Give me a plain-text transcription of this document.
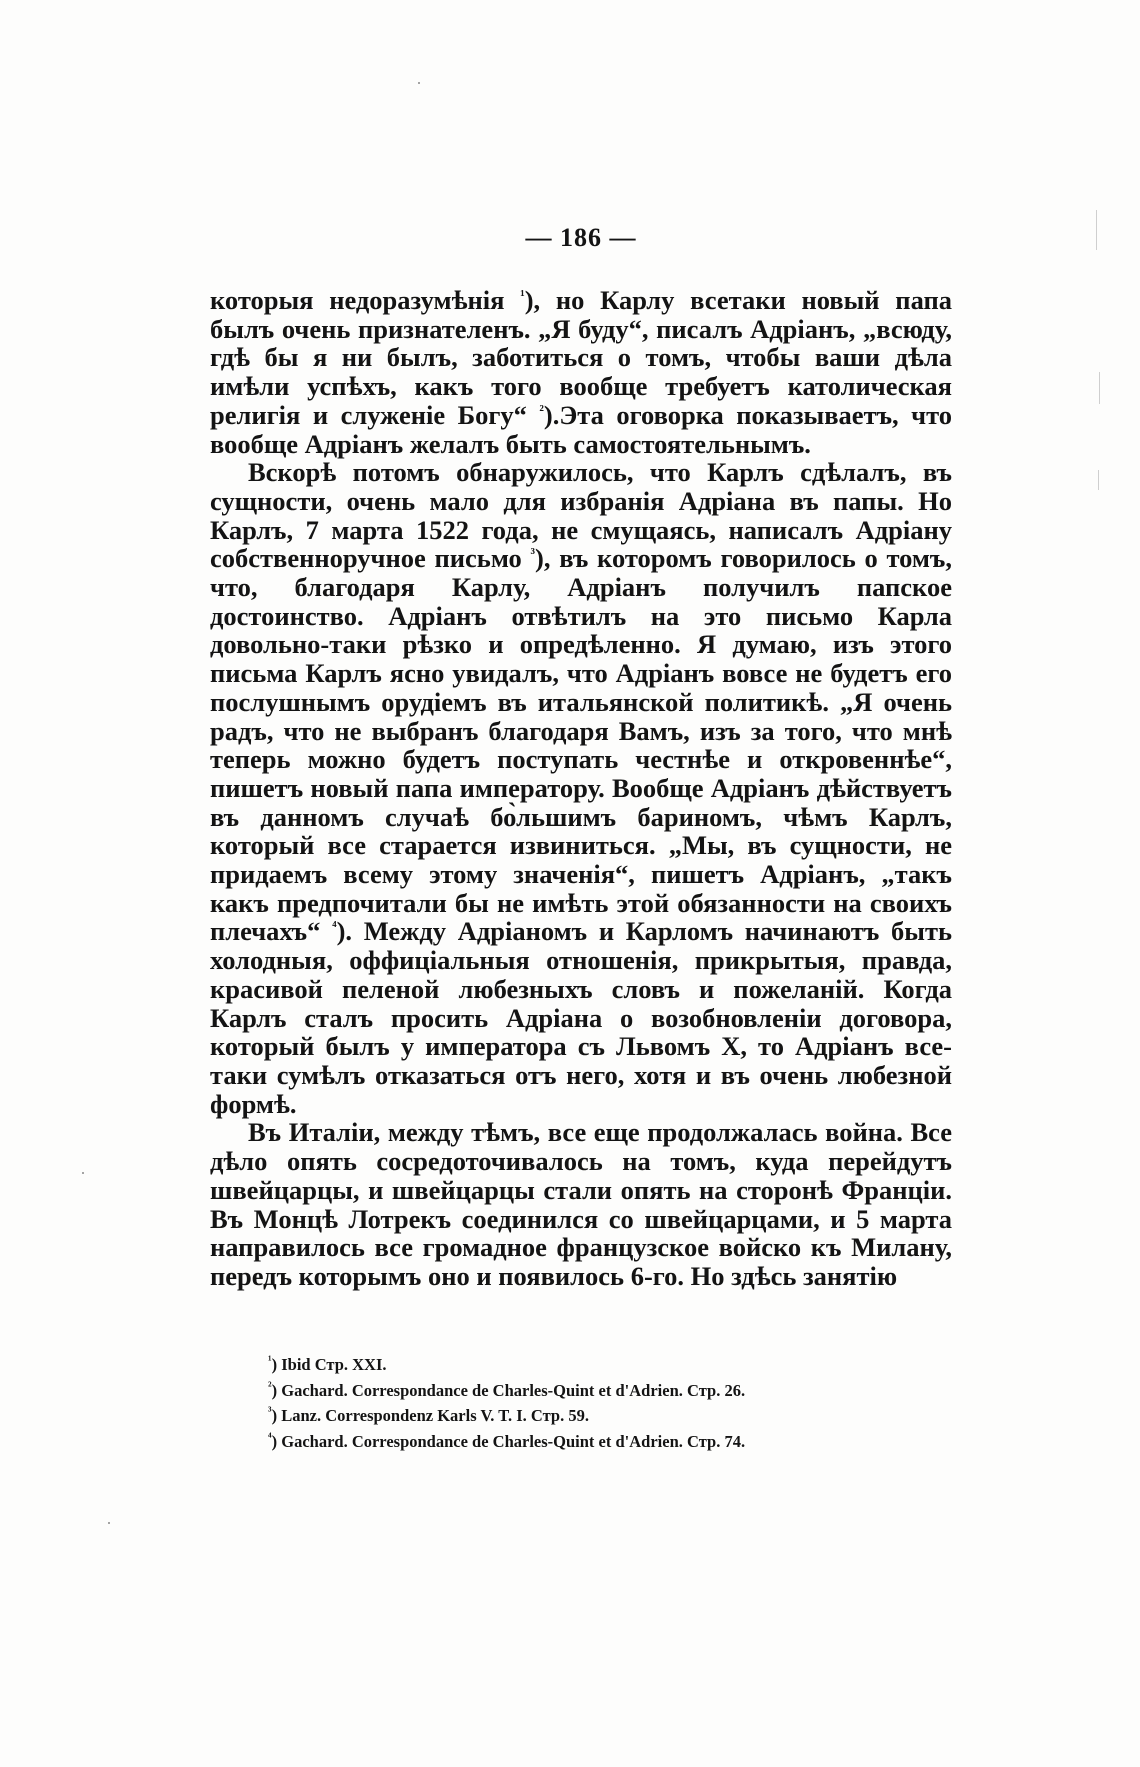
— 186 —

которыя недоразумѣнія $^{^1}$), но Карлу всетаки новый папа былъ очень признателенъ. „Я буду“, писалъ Адріанъ, „всюду, гдѣ бы я ни былъ, заботиться о томъ, чтобы ваши дѣла имѣли успѣхъ, какъ того вообще требуетъ католическая религія и служеніе Богу“ $^{^2}$).Эта оговорка показываетъ, что вообще Адріанъ желалъ быть самостоятельнымъ.

Вскорѣ потомъ обнаружилось, что Карлъ сдѣлалъ, въ сущности, очень мало для избранія Адріана въ папы. Но Карлъ, 7 марта 1522 года, не смущаясь, написалъ Адріану собственноручное письмо $^{^3}$), въ которомъ говорилось о томъ, что, благодаря Карлу, Адріанъ получилъ папское достоинство. Адріанъ отвѣтилъ на это письмо Карла довольно-таки рѣзко и опредѣленно. Я думаю, изъ этого письма Карлъ ясно увидалъ, что Адріанъ вовсе не будетъ его послушнымъ орудіемъ въ итальянской политикѣ. „Я очень радъ, что не выбранъ благодаря Вамъ, изъ за того, что мнѣ теперь можно будетъ поступать честнѣе и откровеннѣе“, пишетъ новый папа императору. Вообще Адріанъ дѣйствуетъ въ данномъ случаѣ бо̀льшимъ бариномъ, чѣмъ Карлъ, который все старается извиниться. „Мы, въ сущности, не придаемъ всему этому значенія“, пишетъ Адріанъ, „такъ какъ предпочитали бы не имѣть этой обязанности на своихъ плечахъ“ $^{^4}$). Между Адріаномъ и Карломъ начинаютъ быть холодныя, оффиціальныя отношенія, прикрытыя, правда, красивой пеленой любезныхъ словъ и пожеланій. Когда Карлъ сталъ просить Адріана о возобновленіи договора, который былъ у императора съ Львомъ X, то Адріанъ все-таки сумѣлъ отказаться отъ него, хотя и въ очень любезной формѣ.

Въ Италіи, между тѣмъ, все еще продолжалась война. Все дѣло опять сосредоточивалось на томъ, куда перейдутъ швейцарцы, и швейцарцы стали опять на сторонѣ Франціи. Въ Монцѣ Лотрекъ соединился со швейцарцами, и 5 марта направилось все громадное французское войско къ Милану, передъ которымъ оно и появилось 6-го. Но здѣсь занятію

$^{^1}$) Ibid Стр. XXI.

$^{^2}$) Gachard. Correspondance de Charles-Quint et d'Adrien. Стр. 26.

$^{^3}$) Lanz. Correspondenz Karls V. T. I. Стр. 59.

$^{^4}$) Gachard. Correspondance de Charles-Quint et d'Adrien. Стр. 74.
